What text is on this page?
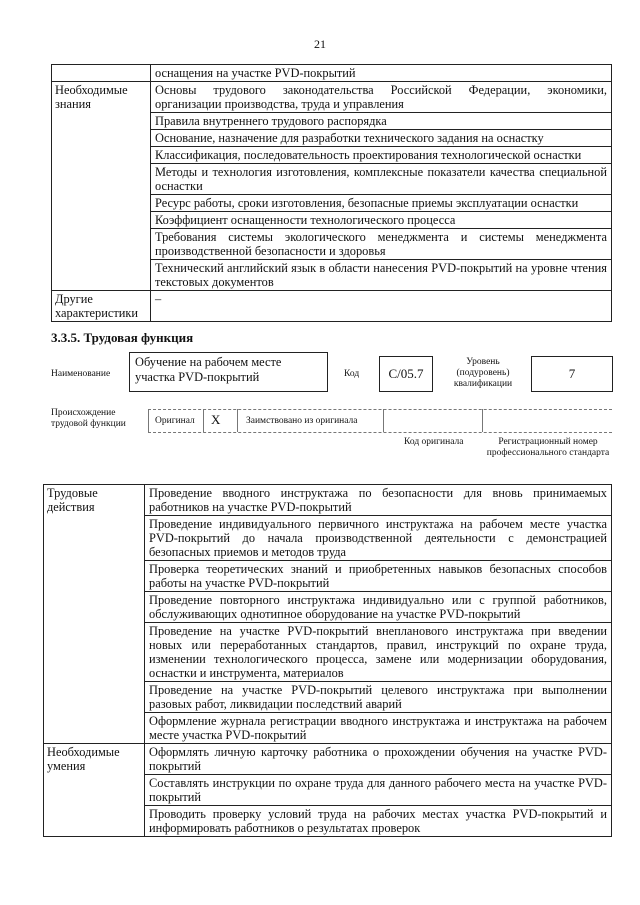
21
	оснащения на участке PVD-покрытий
Необходимые знания	Основы трудового законодательства Российской Федерации, экономики, организации производства, труда и управления
	Правила внутреннего трудового распорядка
	Основание, назначение для разработки технического задания на оснастку
	Классификация, последовательность проектирования технологической оснастки
	Методы и технология изготовления, комплексные показатели качества специальной оснастки
	Ресурс работы, сроки изготовления, безопасные приемы эксплуатации оснастки
	Коэффициент оснащенности технологического процесса
	Требования системы экологического менеджмента и системы менеджмента производственной безопасности и здоровья
	Технический английский язык в области нанесения PVD-покрытий на уровне чтения текстовых документов
Другие характеристики	–
3.3.5. Трудовая функция
Наименование
Обучение на рабочем месте участка PVD-покрытий	Код	C/05.7
Уровень (подуровень) квалификации
7
Происхождение трудовой функции	Оригинал X	Заимствовано из оригинала
Код оригинала	Регистрационный номер профессионального стандарта
Трудовые действия	Проведение вводного инструктажа по безопасности для вновь принимаемых работников на участке PVD-покрытий
	Проведение индивидуального первичного инструктажа на рабочем месте участка PVD-покрытий до начала производственной деятельности с демонстрацией безопасных приемов и методов труда
	Проверка теоретических знаний и приобретенных навыков безопасных способов работы на участке PVD-покрытий
	Проведение повторного инструктажа индивидуально или с группой работников, обслуживающих однотипное оборудование на участке PVD-покрытий
	Проведение на участке PVD-покрытий внепланового инструктажа при введении новых или переработанных стандартов, правил, инструкций по охране труда, изменении технологического процесса, замене или модернизации оборудования, оснастки и инструмента, материалов
	Проведение на участке PVD-покрытий целевого инструктажа при выполнении разовых работ, ликвидации последствий аварий
	Оформление журнала регистрации вводного инструктажа и инструктажа на рабочем месте участка PVD-покрытий
Необходимые умения	Оформлять личную карточку работника о прохождении обучения на участке PVD-покрытий
	Составлять инструкции по охране труда для данного рабочего места на участке PVD-покрытий
	Проводить проверку условий труда на рабочих местах участка PVD-покрытий и информировать работников о результатах проверок
